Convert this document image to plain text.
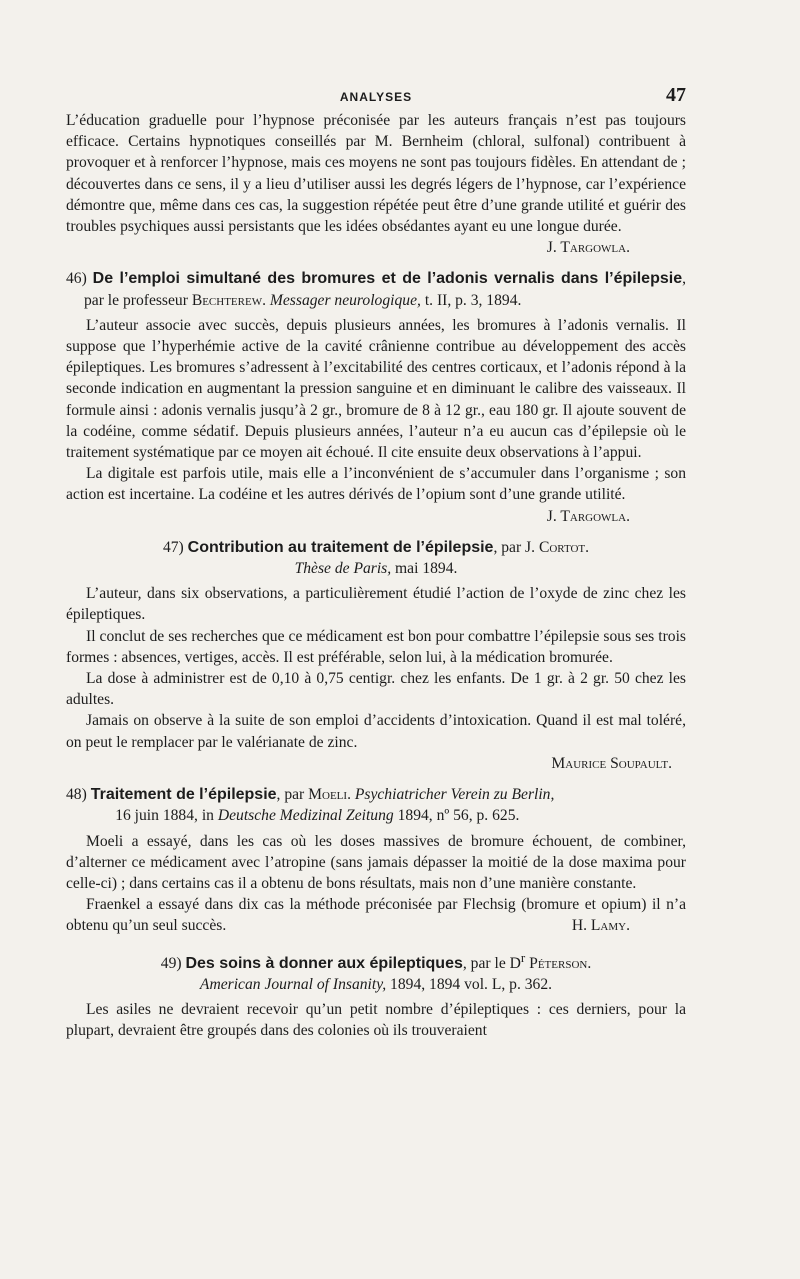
ANALYSES	47

L’éducation graduelle pour l’hypnose préconisée par les auteurs français n’est pas toujours efficace. Certains hypnotiques conseillés par M. Bernheim (chloral, sulfonal) contribuent à provoquer et à renforcer l’hypnose, mais ces moyens ne sont pas toujours fidèles. En attendant de ; découvertes dans ce sens, il y a lieu d’utiliser aussi les degrés légers de l’hypnose, car l’expérience démontre que, même dans ces cas, la suggestion répétée peut être d’une grande utilité et guérir des troubles psychiques aussi persistants que les idées obsédantes ayant eu une longue durée.
J. Targowla.

46) De l’emploi simultané des bromures et de l’adonis vernalis dans l’épilepsie, par le professeur Bechterew. Messager neurologique, t. II, p. 3, 1894.

L’auteur associe avec succès, depuis plusieurs années, les bromures à l’adonis vernalis. Il suppose que l’hyperhémie active de la cavité crânienne contribue au développement des accès épileptiques. Les bromures s’adressent à l’excitabilité des centres corticaux, et l’adonis répond à la seconde indication en augmentant la pression sanguine et en diminuant le calibre des vaisseaux. Il formule ainsi : adonis vernalis jusqu’à 2 gr., bromure de 8 à 12 gr., eau 180 gr. Il ajoute souvent de la codéine, comme sédatif. Depuis plusieurs années, l’auteur n’a eu aucun cas d’épilepsie où le traitement systématique par ce moyen ait échoué. Il cite ensuite deux observations à l’appui.

La digitale est parfois utile, mais elle a l’inconvénient de s’accumuler dans l’organisme ; son action est incertaine. La codéine et les autres dérivés de l’opium sont d’une grande utilité.
J. Targowla.

47) Contribution au traitement de l’épilepsie, par J. Cortot.
Thèse de Paris, mai 1894.

L’auteur, dans six observations, a particulièrement étudié l’action de l’oxyde de zinc chez les épileptiques.

Il conclut de ses recherches que ce médicament est bon pour combattre l’épilepsie sous ses trois formes : absences, vertiges, accès. Il est préférable, selon lui, à la médication bromurée.

La dose à administrer est de 0,10 à 0,75 centigr. chez les enfants. De 1 gr. à 2 gr. 50 chez les adultes.

Jamais on observe à la suite de son emploi d’accidents d’intoxication. Quand il est mal toléré, on peut le remplacer par le valérianate de zinc.

Maurice Soupault.
48) Traitement de l’épilepsie, par Moeli. Psychiatricher Verein zu Berlin,
16 juin 1884, in Deutsche Medizinal Zeitung 1894, nº 56, p. 625.

Moeli a essayé, dans les cas où les doses massives de bromure échouent, de combiner, d’alterner ce médicament avec l’atropine (sans jamais dépasser la moitié de la dose maxima pour celle-ci) ; dans certains cas il a obtenu de bons résultats, mais non d’une manière constante.

Fraenkel a essayé dans dix cas la méthode préconisée par Flechsig (bromure et opium) il n’a obtenu qu’un seul succès.	H. Lamy.

49) Des soins à donner aux épileptiques, par le $D^r$ Péterson.
American Journal of Insanity, 1894, 1894 vol. L, p. 362.

Les asiles ne devraient recevoir qu’un petit nombre d’épileptiques : ces derniers, pour la plupart, devraient être groupés dans des colonies où ils trouveraient
